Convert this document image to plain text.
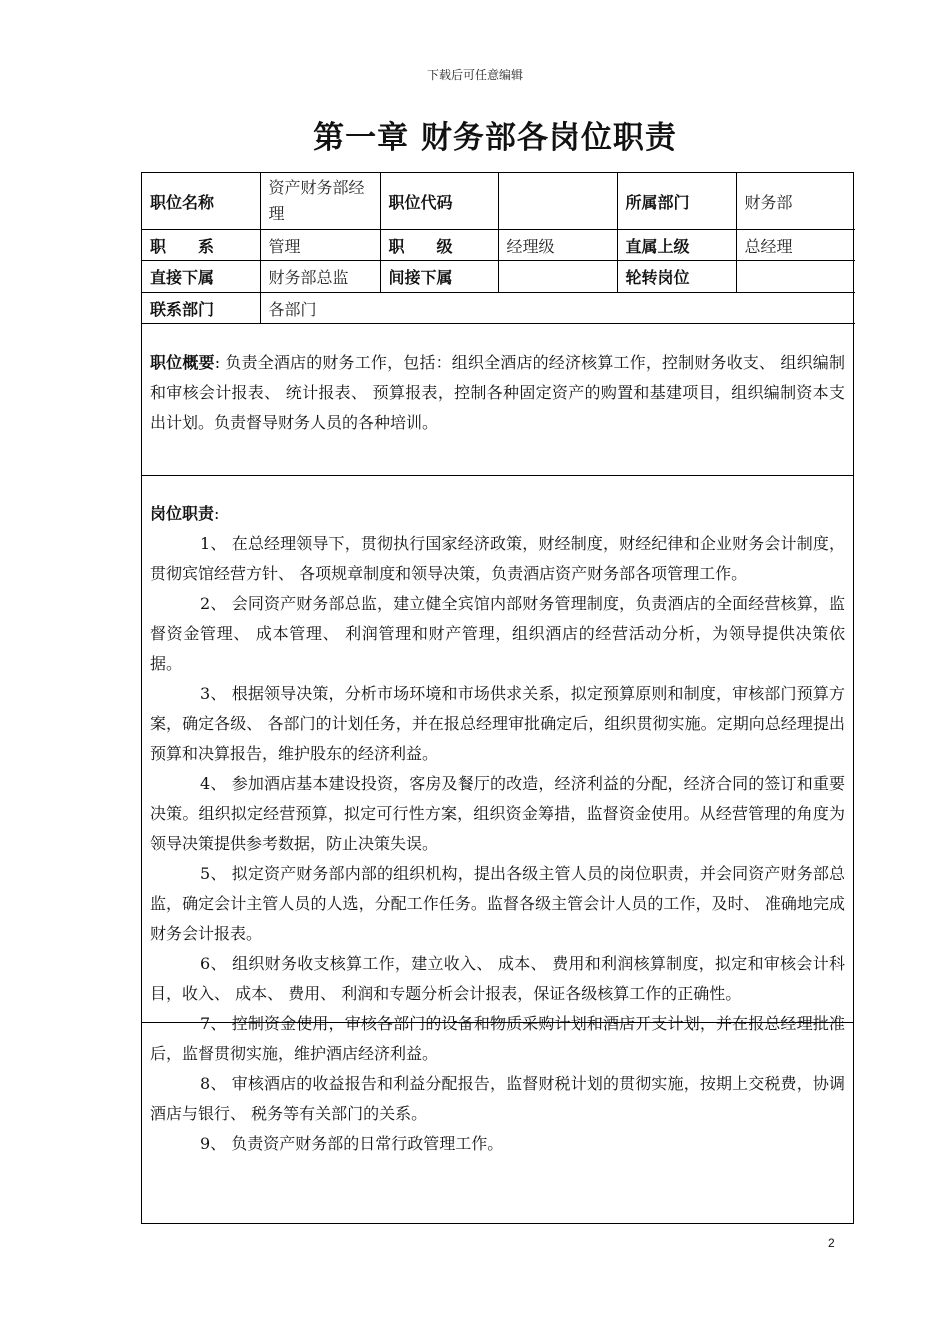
下载后可任意编辑
第一章 财务部各岗位职责
职位名称	资产财务部经理	职位代码		所属部门	财务部
职　　系	管理	职　　级	经理级	直属上级	总经理
直接下属	财务部总监	间接下属		轮转岗位	
联系部门	各部门				
职位概要: 负责全酒店的财务工作，包括：组织全酒店的经济核算工作，控制财务收支、 组织编制和审核会计报表、 统计报表、 预算报表，控制各种固定资产的购置和基建项目，组织编制资本支出计划。负责督导财务人员的各种培训。
岗位职责:

1、 在总经理领导下，贯彻执行国家经济政策，财经制度，财经纪律和企业财务会计制度，贯彻宾馆经营方针、 各项规章制度和领导决策，负责酒店资产财务部各项管理工作。

2、 会同资产财务部总监，建立健全宾馆内部财务管理制度，负责酒店的全面经营核算，监督资金管理、 成本管理、 利润管理和财产管理，组织酒店的经营活动分析，为领导提供决策依据。

3、 根据领导决策，分析市场环境和市场供求关系，拟定预算原则和制度，审核部门预算方案，确定各级、 各部门的计划任务，并在报总经理审批确定后，组织贯彻实施。定期向总经理提出预算和决算报告，维护股东的经济利益。

4、 参加酒店基本建设投资，客房及餐厅的改造，经济利益的分配，经济合同的签订和重要决策。组织拟定经营预算，拟定可行性方案，组织资金筹措，监督资金使用。从经营管理的角度为领导决策提供参考数据，防止决策失误。

5、 拟定资产财务部内部的组织机构，提出各级主管人员的岗位职责，并会同资产财务部总监，确定会计主管人员的人选，分配工作任务。监督各级主管会计人员的工作，及时、 准确地完成财务会计报表。

6、 组织财务收支核算工作，建立收入、 成本、 费用和利润核算制度，拟定和审核会计科目，收入、 成本、 费用、 利润和专题分析会计报表，保证各级核算工作的正确性。

7、 控制资金使用，审核各部门的设备和物质采购计划和酒店开支计划，并在报总经理批准后，监督贯彻实施，维护酒店经济利益。

8、 审核酒店的收益报告和利益分配报告，监督财税计划的贯彻实施，按期上交税费，协调酒店与银行、 税务等有关部门的关系。

9、 负责资产财务部的日常行政管理工作。

2
